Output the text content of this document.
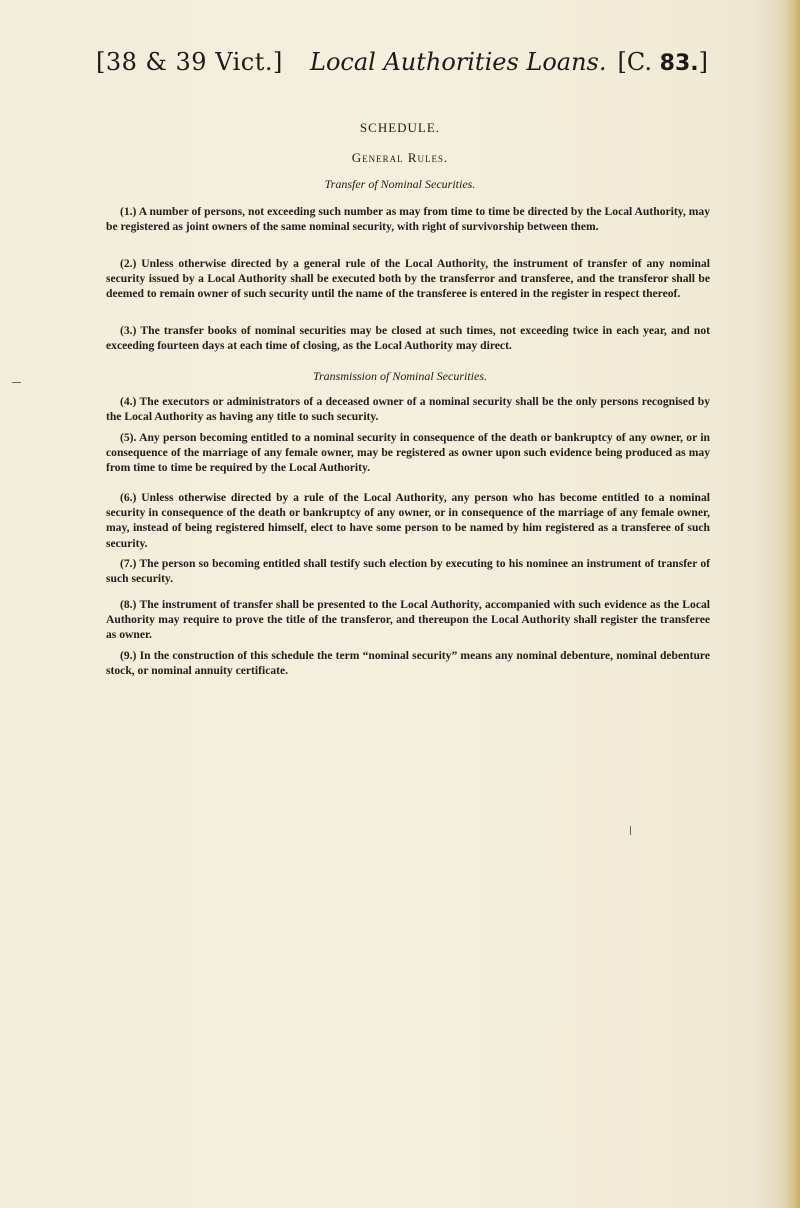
[38 & 39 Vict.] Local Authorities Loans. [C. 83.]
SCHEDULE.
General Rules.
Transfer of Nominal Securities.

(1.) A number of persons, not exceeding such number as may from time to time be directed by the Local Authority, may be registered as joint owners of the same nominal security, with right of survivorship between them.

(2.) Unless otherwise directed by a general rule of the Local Authority, the instrument of transfer of any nominal security issued by a Local Authority shall be executed both by the transferror and transferee, and the transferor shall be deemed to remain owner of such security until the name of the transferee is entered in the register in respect thereof.

(3.) The transfer books of nominal securities may be closed at such times, not exceeding twice in each year, and not exceeding fourteen days at each time of closing, as the Local Authority may direct.

Transmission of Nominal Securities.

(4.) The executors or administrators of a deceased owner of a nominal security shall be the only persons recognised by the Local Authority as having any title to such security.

(5). Any person becoming entitled to a nominal security in consequence of the death or bankruptcy of any owner, or in consequence of the marriage of any female owner, may be registered as owner upon such evidence being produced as may from time to time be required by the Local Authority.

(6.) Unless otherwise directed by a rule of the Local Authority, any person who has become entitled to a nominal security in consequence of the death or bankruptcy of any owner, or in consequence of the marriage of any female owner, may, instead of being registered himself, elect to have some person to be named by him registered as a transferee of such security.

(7.) The person so becoming entitled shall testify such election by executing to his nominee an instrument of transfer of such security.

(8.) The instrument of transfer shall be presented to the Local Authority, accompanied with such evidence as the Local Authority may require to prove the title of the transferor, and thereupon the Local Authority shall register the transferee as owner.

(9.) In the construction of this schedule the term “nominal security” means any nominal debenture, nominal debenture stock, or nominal annuity certificate.
